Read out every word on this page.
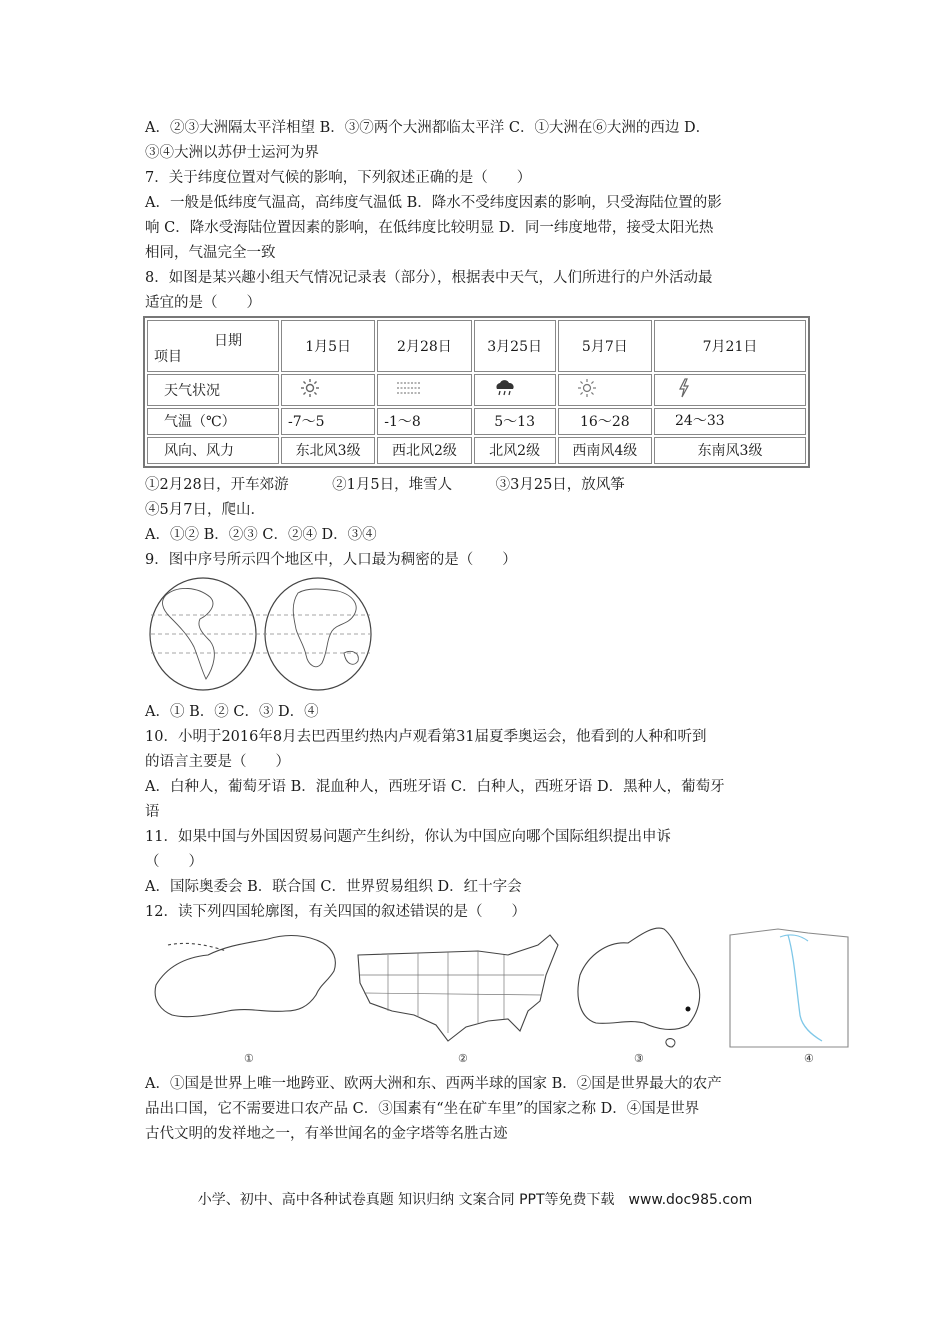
A．②③大洲隔太平洋相望 B．③⑦两个大洲都临太平洋 C．①大洲在⑥大洲的西边 D．
③④大洲以苏伊士运河为界
7．关于纬度位置对气候的影响，下列叙述正确的是（　　）
A．一般是低纬度气温高，高纬度气温低 B．降水不受纬度因素的影响，只受海陆位置的影
响 C．降水受海陆位置因素的影响，在低纬度比较明显 D．同一纬度地带，接受太阳光热
相同，气温完全一致
8．如图是某兴趣小组天气情况记录表（部分），根据表中天气，人们所进行的户外活动最
适宜的是（　　）
日期
项目	1月5日	2月28日	3月25日	5月7日	7月21日
天气状况					
气温（℃）	-7～5	-1～8	5～13	16～28	24～33
风向、风力	东北风3级	西北风2级	北风2级	西南风4级	东南风3级
①2月28日，开车郊游　　　②1月5日，堆雪人　　　③3月25日，放风筝
④5月7日，爬山．
A．①② B．②③ C．②④ D．③④
9．图中序号所示四个地区中，人口最为稠密的是（　　）
A．① B．② C．③ D．④
10．小明于2016年8月去巴西里约热内卢观看第31届夏季奥运会，他看到的人种和听到
的语言主要是（　　）
A．白种人，葡萄牙语 B．混血种人，西班牙语 C．白种人，西班牙语 D．黑种人，葡萄牙
语
11．如果中国与外国因贸易问题产生纠纷，你认为中国应向哪个国际组织提出申诉
（　　）
A．国际奥委会 B．联合国 C．世界贸易组织 D．红十字会
12．读下列四国轮廓图，有关四国的叙述错误的是（　　）
①	②	③	④
A．①国是世界上唯一地跨亚、欧两大洲和东、西两半球的国家 B．②国是世界最大的农产
品出口国，它不需要进口农产品 C．③国素有“坐在矿车里”的国家之称 D．④国是世界
古代文明的发祥地之一，有举世闻名的金字塔等名胜古迹
小学、初中、高中各种试卷真题 知识归纳 文案合同 PPT等免费下载　www.doc985.com
